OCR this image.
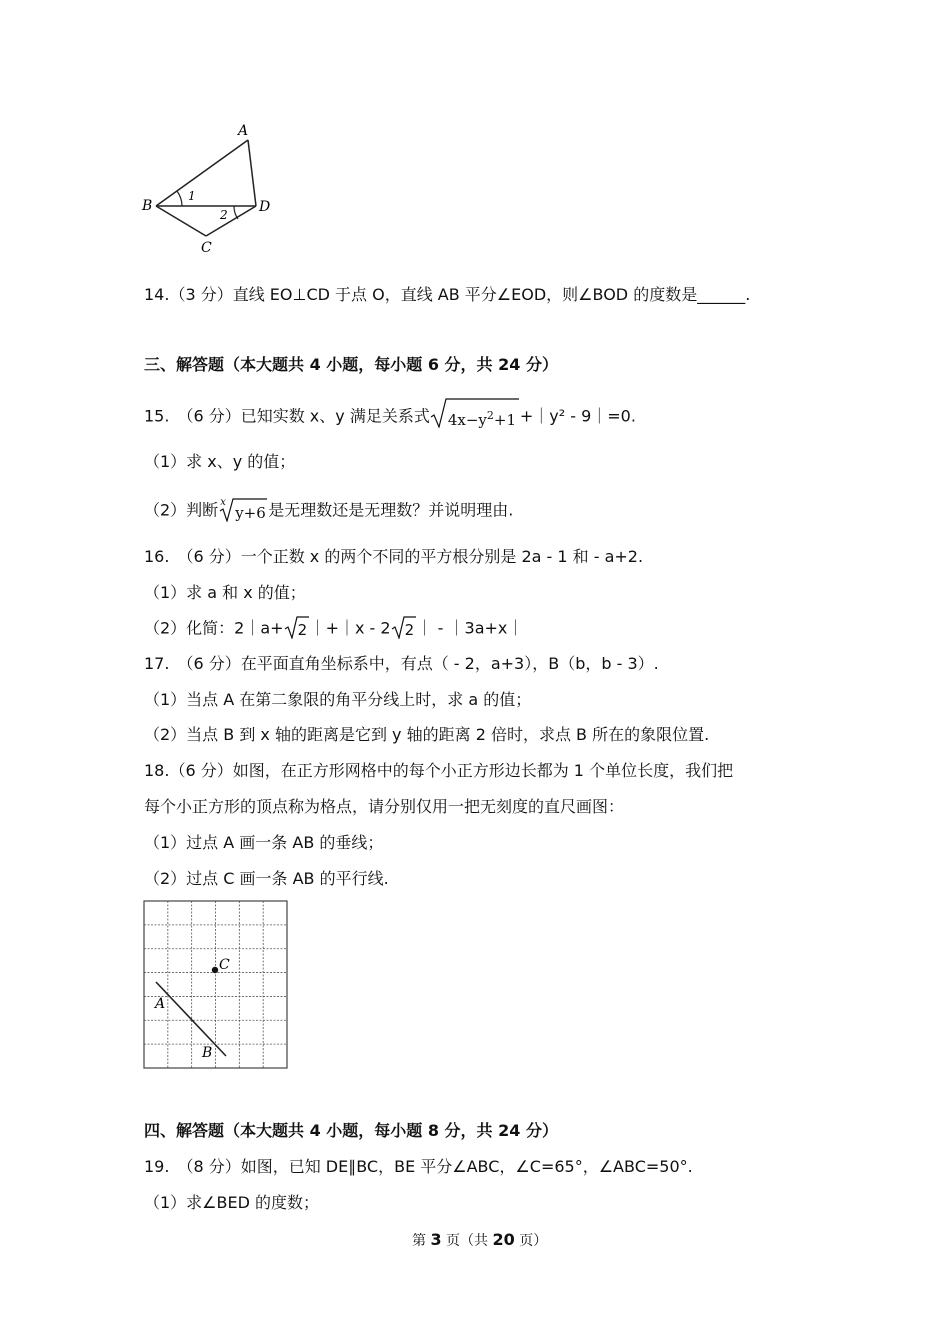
A
B
C
D
1
2
14.（3 分）直线 EO⊥CD 于点 O，直线 AB 平分∠EOD，则∠BOD 的度数是______.
三、解答题（本大题共 4 小题，每小题 6 分，共 24 分）
15.　（6 分）已知实数 x、y 满足关系式 $4x-y^2+1$ +｜y² - 9｜=0.
（1）求 x、y 的值；
（2）判断 x
y+6 是无理数还是无理数？并说明理由.
16.　（6 分）一个正数 x 的两个不同的平方根分别是 2a - 1 和 - a+2.
（1）求 a 和 x 的值；
（2）化简：2｜a+ 2 ｜+｜x - 2 2 ｜ - ｜3a+x｜
17.　（6 分）在平面直角坐标系中，有点（ - 2，a+3），B（b，b - 3）.
（1）当点 A 在第二象限的角平分线上时，求 a 的值；
（2）当点 B 到 x 轴的距离是它到 y 轴的距离 2 倍时，求点 B 所在的象限位置.
18.（6 分）如图，在正方形网格中的每个小正方形边长都为 1 个单位长度，我们把
每个小正方形的顶点称为格点，请分别仅用一把无刻度的直尺画图：
（1）过点 A 画一条 AB 的垂线；
（2）过点 C 画一条 AB 的平行线.
C
A
B
四、解答题（本大题共 4 小题，每小题 8 分，共 24 分）
19.　（8 分）如图，已知 DE∥BC，BE 平分∠ABC，∠C=65°，∠ABC=50°.
（1）求∠BED 的度数；
第 3 页（共 20 页）
